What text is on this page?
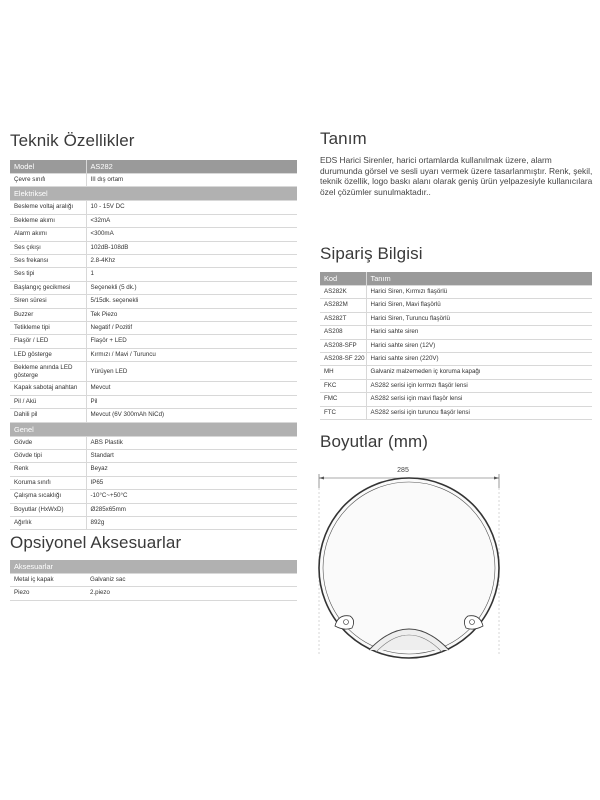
Teknik Özellikler
Model	AS282
Çevre sınıfı	III dış ortam
Elektriksel	
Besleme voltaj aralığı	10 - 15V DC
Bekleme akımı	<32mA
Alarm akımı	<300mA
Ses çıkışı	102dB-108dB
Ses frekansı	2.8-4Khz
Ses tipi	1
Başlangıç gecikmesi	Seçenekli (5 dk.)
Siren süresi	5/15dk. seçenekli
Buzzer	Tek Piezo
Tetikleme tipi	Negatif / Pozitif
Flaşör / LED	Flaşör + LED
LED gösterge	Kırmızı / Mavi / Turuncu
Bekleme anında LED gösterge	Yürüyen LED
Kapak sabotaj anahtarı	Mevcut
Pil / Akü	Pil
Dahili pil	Mevcut (6V 300mAh NiCd)
Genel	
Gövde	ABS Plastik
Gövde tipi	Standart
Renk	Beyaz
Koruma sınıfı	IP65
Çalışma sıcaklığı	-10°C~+50°C
Boyutlar (HxWxD)	Ø285x65mm
Ağırlık	892g
Opsiyonel Aksesuarlar
Aksesuarlar	
Metal iç kapak	Galvaniz sac
Piezo	2.piezo
Tanım

EDS Harici Sirenler, harici ortamlarda kullanılmak üzere, alarm durumunda görsel ve sesli uyarı vermek üzere tasarlanmıştır. Renk, şekil, teknik özellik, logo baskı alanı olarak geniş ürün yelpazesiyle kullanıcılara özel çözümler sunulmaktadır..

Sipariş Bilgisi
Kod	Tanım
AS282K	Harici Siren, Kırmızı flaşörlü
AS282M	Harici Siren, Mavi flaşörlü
AS282T	Harici Siren, Turuncu flaşörlü
AS208	Harici sahte siren
AS208-SFP	Harici sahte siren (12V)
AS208-SF 220	Harici sahte siren (220V)
MH	Galvaniz malzemeden iç koruma kapağı
FKC	AS282 serisi için kırmızı flaşör lensi
FMC	AS282 serisi için mavi flaşör lensi
FTC	AS282 serisi için turuncu flaşör lensi
Boyutlar (mm)
285
